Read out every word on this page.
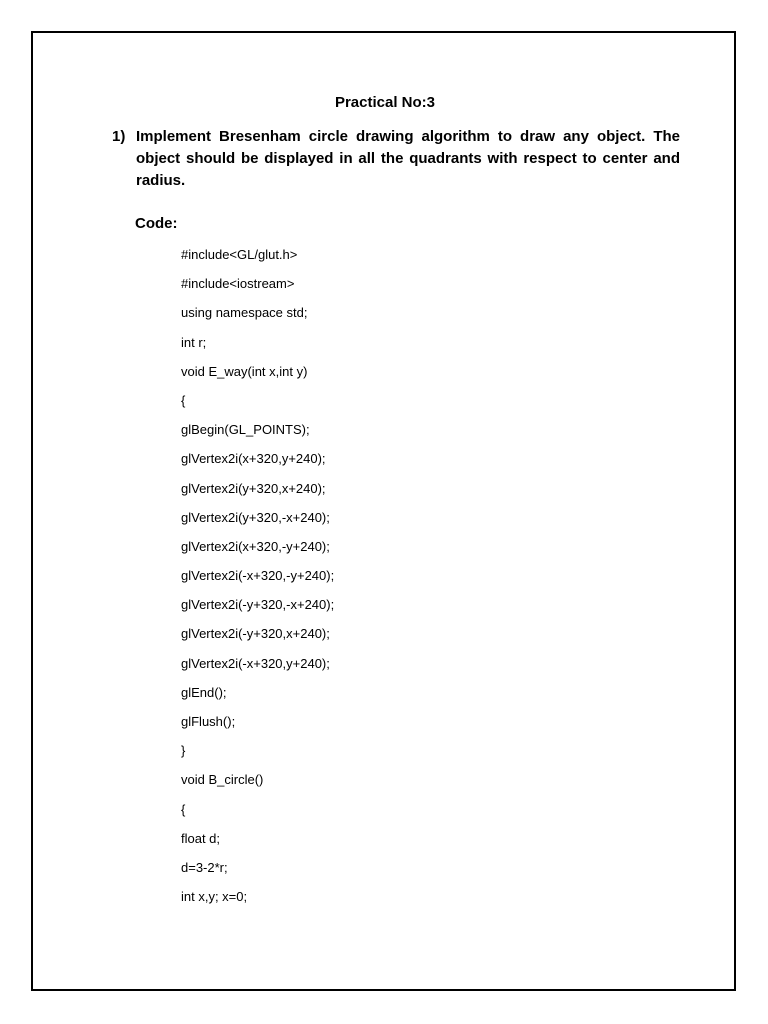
Practical No:3
1) Implement Bresenham circle drawing algorithm to draw any object. The object should be displayed in all the quadrants with respect to center and radius.
Code:
#include<GL/glut.h>
#include<iostream>
using namespace std;
int r;
void E_way(int x,int y)
{
glBegin(GL_POINTS);
glVertex2i(x+320,y+240);
glVertex2i(y+320,x+240);
glVertex2i(y+320,-x+240);
glVertex2i(x+320,-y+240);
glVertex2i(-x+320,-y+240);
glVertex2i(-y+320,-x+240);
glVertex2i(-y+320,x+240);
glVertex2i(-x+320,y+240);
glEnd();
glFlush();
}
void B_circle()
{
float d;
d=3-2*r;
int x,y; x=0;
